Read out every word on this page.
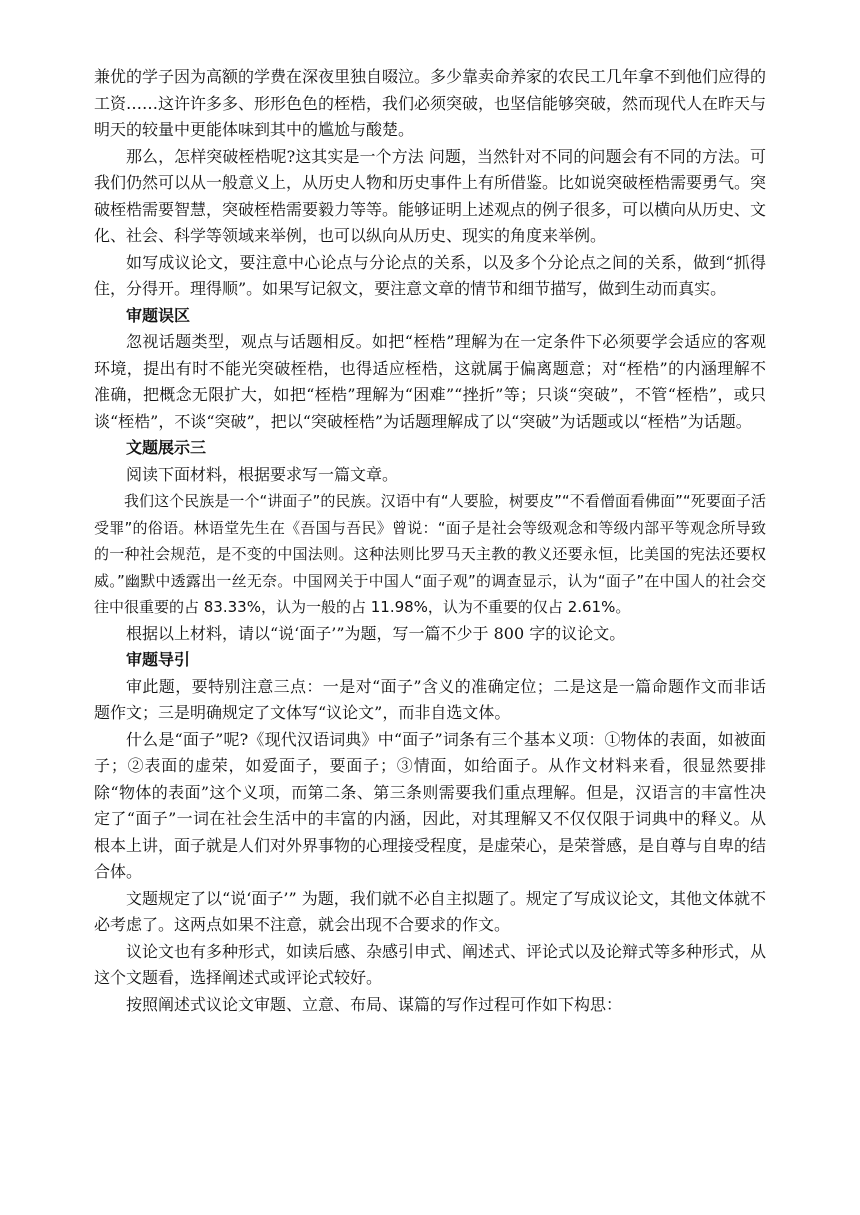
兼优的学子因为高额的学费在深夜里独自啜泣。多少靠卖命养家的农民工几年拿不到他们应得的工资……这许许多多、形形色色的桎梏，我们必须突破，也坚信能够突破，然而现代人在昨天与明天的较量中更能体味到其中的尴尬与酸楚。

那么，怎样突破桎梏呢?这其实是一个方法 问题，当然针对不同的问题会有不同的方法。可我们仍然可以从一般意义上，从历史人物和历史事件上有所借鉴。比如说突破桎梏需要勇气。突破桎梏需要智慧，突破桎梏需要毅力等等。能够证明上述观点的例子很多，可以横向从历史、文化、社会、科学等领域来举例，也可以纵向从历史、现实的角度来举例。

如写成议论文，要注意中心论点与分论点的关系，以及多个分论点之间的关系，做到“抓得住，分得开。理得顺”。如果写记叙文，要注意文章的情节和细节描写，做到生动而真实。

审题误区

忽视话题类型，观点与话题相反。如把“桎梏”理解为在一定条件下必须要学会适应的客观环境，提出有时不能光突破桎梏，也得适应桎梏，这就属于偏离题意；对“桎梏”的内涵理解不准确，把概念无限扩大，如把“桎梏”理解为“困难”“挫折”等；只谈“突破”，不管“桎梏”，或只谈“桎梏”，不谈“突破”，把以“突破桎梏”为话题理解成了以“突破”为话题或以“桎梏”为话题。

文题展示三

阅读下面材料，根据要求写一篇文章。

我们这个民族是一个“讲面子”的民族。汉语中有“人要脸，树要皮”“不看僧面看佛面”“死要面子活受罪”的俗语。林语堂先生在《吾国与吾民》曾说：“面子是社会等级观念和等级内部平等观念所导致的一种社会规范，是不变的中国法则。这种法则比罗马天主教的教义还要永恒，比美国的宪法还要权威。”幽默中透露出一丝无奈。中国网关于中国人“面子观”的调查显示，认为“面子”在中国人的社会交往中很重要的占 83.33%，认为一般的占 11.98%，认为不重要的仅占 2.61%。

根据以上材料，请以“说‘面子’”为题，写一篇不少于 800 字的议论文。

审题导引

审此题，要特别注意三点：一是对“面子”含义的准确定位；二是这是一篇命题作文而非话题作文；三是明确规定了文体写“议论文”，而非自选文体。

什么是“面子”呢?《现代汉语词典》中“面子”词条有三个基本义项：①物体的表面，如被面子；②表面的虚荣，如爱面子，要面子；③情面，如给面子。从作文材料来看，很显然要排除“物体的表面”这个义项，而第二条、第三条则需要我们重点理解。但是，汉语言的丰富性决定了“面子”一词在社会生活中的丰富的内涵，因此，对其理解又不仅仅限于词典中的释义。从根本上讲，面子就是人们对外界事物的心理接受程度，是虚荣心，是荣誉感，是自尊与自卑的结合体。

文题规定了以“说‘面子’” 为题，我们就不必自主拟题了。规定了写成议论文，其他文体就不必考虑了。这两点如果不注意，就会出现不合要求的作文。

议论文也有多种形式，如读后感、杂感引申式、阐述式、评论式以及论辩式等多种形式，从这个文题看，选择阐述式或评论式较好。

按照阐述式议论文审题、立意、布局、谋篇的写作过程可作如下构思：
